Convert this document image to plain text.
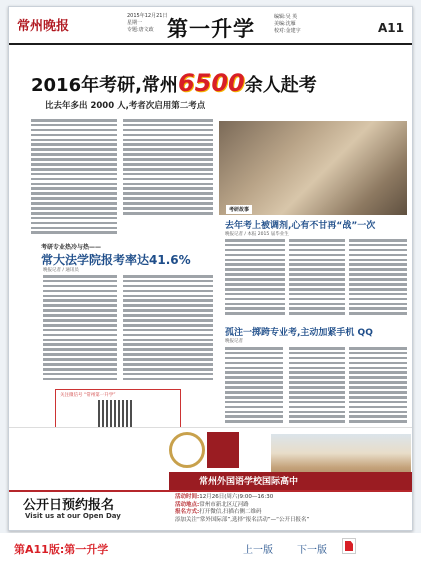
常州晚报
2015年12月21日
星期一
专题:唐文政 第一升学	编辑:吴 英
美编:沈雁
校对:金建宇	A11
2016年考研,常州6500余人赴考
比去年多出 2000 人,考者次启用第二考点
考研故事
去年考上被调剂,心有不甘再“战”一次
晚报记者 / 本报 2015 届毕业生
考研专业热冷与热——
常大法学院报考率达41.6%
晚报记者 / 通讯员
关注微信号 “常州第一升学”
孤注一掷跨专业考,主动加紧手机 QQ
晚报记者
常州外国语学校国际高中
公开日预约报名
Visit us at our Open Day
活动时间:12月26日(周六)9:00—16:30
活动地点:常州市新北区辽河路
报名方式:打开微信,扫描右侧二维码
添加关注“常外国际部”,选择“报名活动”—“公开日报名”
第A11版:第一升学	上一版 下一版
